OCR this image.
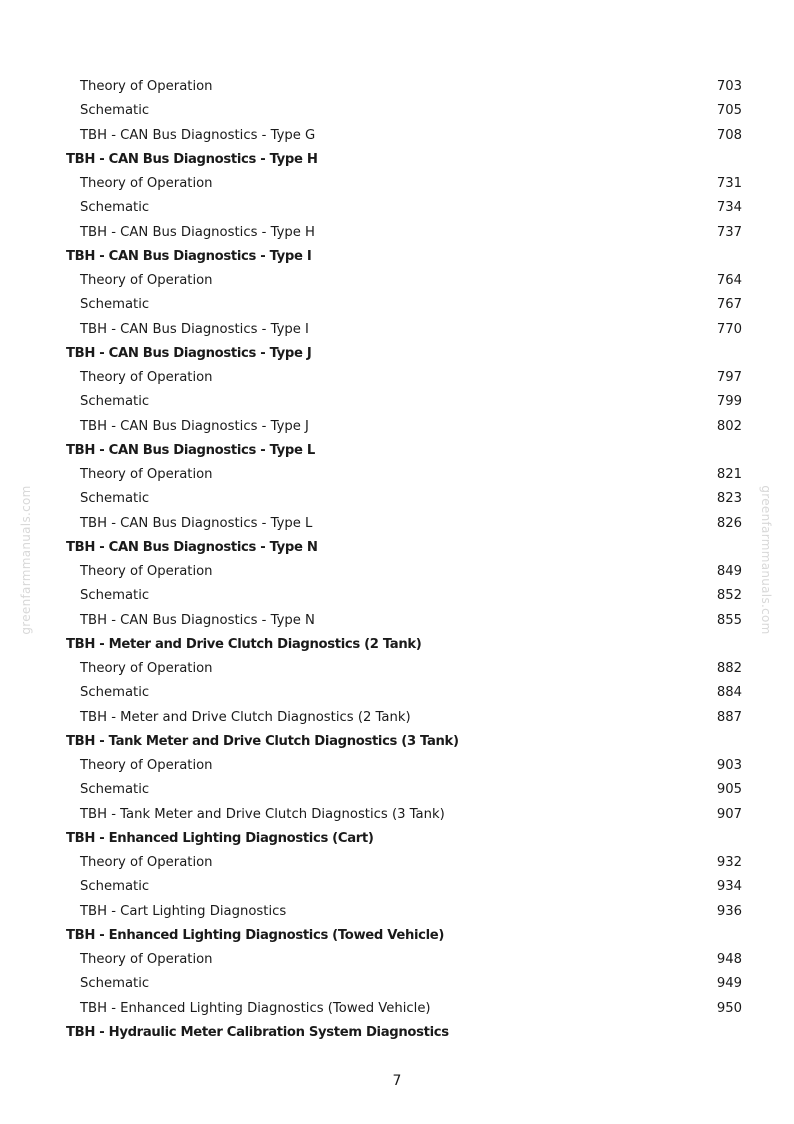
greenfarmmanuals.com	greenfarmmanuals.com
Theory of Operation	703
Schematic	705
TBH - CAN Bus Diagnostics - Type G	708
TBH - CAN Bus Diagnostics - Type H
Theory of Operation	731
Schematic	734
TBH - CAN Bus Diagnostics - Type H	737
TBH - CAN Bus Diagnostics - Type I
Theory of Operation	764
Schematic	767
TBH - CAN Bus Diagnostics - Type I	770
TBH - CAN Bus Diagnostics - Type J
Theory of Operation	797
Schematic	799
TBH - CAN Bus Diagnostics - Type J	802
TBH - CAN Bus Diagnostics - Type L
Theory of Operation	821
Schematic	823
TBH - CAN Bus Diagnostics - Type L	826
TBH - CAN Bus Diagnostics - Type N
Theory of Operation	849
Schematic	852
TBH - CAN Bus Diagnostics - Type N	855
TBH - Meter and Drive Clutch Diagnostics (2 Tank)
Theory of Operation	882
Schematic	884
TBH - Meter and Drive Clutch Diagnostics (2 Tank)	887
TBH - Tank Meter and Drive Clutch Diagnostics (3 Tank)
Theory of Operation	903
Schematic	905
TBH - Tank Meter and Drive Clutch Diagnostics (3 Tank)	907
TBH - Enhanced Lighting Diagnostics (Cart)
Theory of Operation	932
Schematic	934
TBH - Cart Lighting Diagnostics	936
TBH - Enhanced Lighting Diagnostics (Towed Vehicle)
Theory of Operation	948
Schematic	949
TBH - Enhanced Lighting Diagnostics (Towed Vehicle)	950
TBH - Hydraulic Meter Calibration System Diagnostics
7
